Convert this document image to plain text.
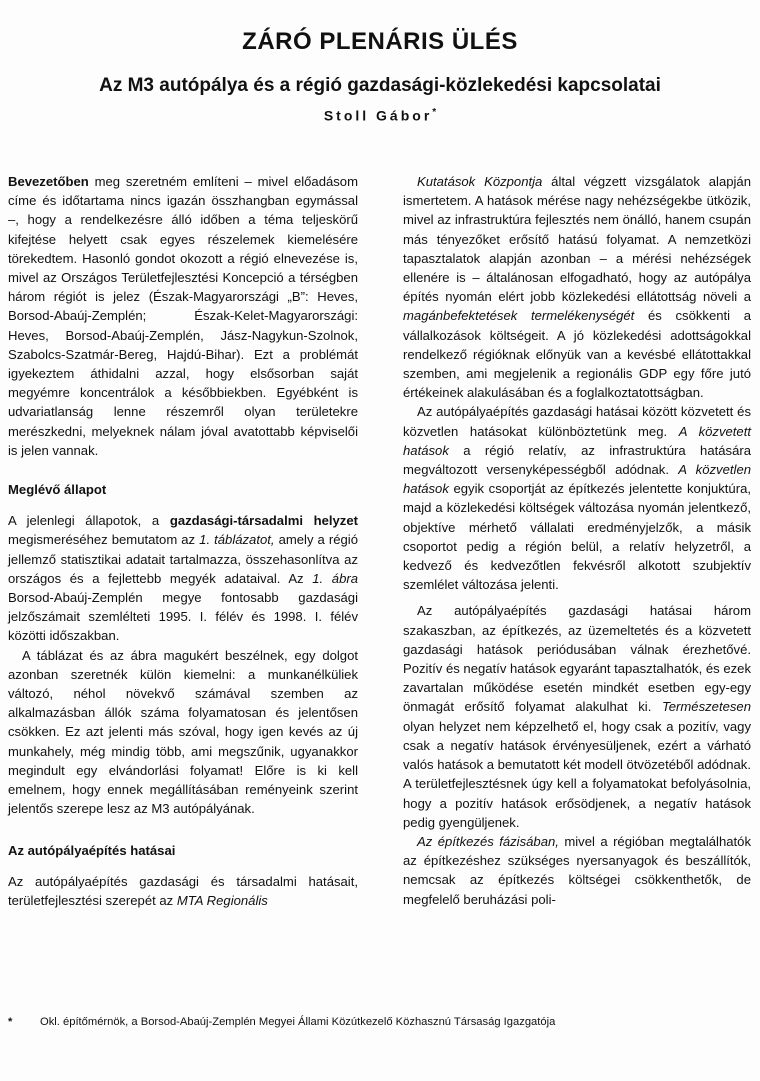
ZÁRÓ PLENÁRIS ÜLÉS
Az M3 autópálya és a régió gazdasági-közlekedési kapcsolatai
Stoll Gábor*

Bevezetőben meg szeretném említeni – mivel előadásom címe és időtartama nincs igazán összhangban egymással –, hogy a rendelkezésre álló időben a téma teljeskörű kifejtése helyett csak egyes részelemek kiemelésére törekedtem. Hasonló gondot okozott a régió elnevezése is, mivel az Országos Területfejlesztési Koncepció a térségben három régiót is jelez (Észak-Magyarországi „B”: Heves, Borsod-Abaúj-Zemplén; Észak-Kelet-Magyarországi: Heves, Borsod-Abaúj-Zemplén, Jász-Nagykun-Szolnok, Szabolcs-Szatmár-Bereg, Hajdú-Bihar). Ezt a problémát igyekeztem áthidalni azzal, hogy elsősorban saját megyémre koncentrálok a későbbiekben. Egyébként is udvariatlanság lenne részemről olyan területekre merészkedni, melyeknek nálam jóval avatottabb képviselői is jelen vannak.

Meglévő állapot

A jelenlegi állapotok, a gazdasági-társadalmi helyzet megismeréséhez bemutatom az 1. táblázatot, amely a régió jellemző statisztikai adatait tartalmazza, összehasonlítva az országos és a fejlettebb megyék adataival. Az 1. ábra Borsod-Abaúj-Zemplén megye fontosabb gazdasági jelzőszámait szemlélteti 1995. I. félév és 1998. I. félév közötti időszakban.

A táblázat és az ábra magukért beszélnek, egy dolgot azonban szeretnék külön kiemelni: a munkanélküliek változó, néhol növekvő számával szemben az alkalmazásban állók száma folyamatosan és jelentősen csökken. Ez azt jelenti más szóval, hogy igen kevés az új munkahely, még mindig több, ami megszűnik, ugyanakkor megindult egy elvándorlási folyamat! Előre is ki kell emelnem, hogy ennek megállításában reményeink szerint jelentős szerepe lesz az M3 autópályának.

Az autópályaépítés hatásai

Az autópályaépítés gazdasági és társadalmi hatásait, területfejlesztési szerepét az MTA Regionális

Kutatások Központja által végzett vizsgálatok alapján ismertetem. A hatások mérése nagy nehézségekbe ütközik, mivel az infrastruktúra fejlesztés nem önálló, hanem csupán más tényezőket erősítő hatású folyamat. A nemzetközi tapasztalatok alapján azonban – a mérési nehézségek ellenére is – általánosan elfogadható, hogy az autópálya építés nyomán elért jobb közlekedési ellátottság növeli a magánbefektetések termelékenységét és csökkenti a vállalkozások költségeit. A jó közlekedési adottságokkal rendelkező régióknak előnyük van a kevésbé ellátottakkal szemben, ami megjelenik a regionális GDP egy főre jutó értékeinek alakulásában és a foglalkoztatottságban.

Az autópályaépítés gazdasági hatásai között közvetett és közvetlen hatásokat különböztetünk meg. A közvetett hatások a régió relatív, az infrastruktúra hatására megváltozott versenyképességből adódnak. A közvetlen hatások egyik csoportját az építkezés jelentette konjuktúra, majd a közlekedési költségek változása nyomán jelentkező, objektíve mérhető vállalati eredményjelzők, a másik csoportot pedig a régión belül, a relatív helyzetről, a kedvező és kedvezőtlen fekvésről alkotott szubjektív szemlélet változása jelenti.

Az autópályaépítés gazdasági hatásai három szakaszban, az építkezés, az üzemeltetés és a közvetett gazdasági hatások periódusában válnak érezhetővé. Pozitív és negatív hatások egyaránt tapasztalhatók, és ezek zavartalan működése esetén mindkét esetben egy-egy önmagát erősítő folyamat alakulhat ki. Természetesen olyan helyzet nem képzelhető el, hogy csak a pozitív, vagy csak a negatív hatások érvényesüljenek, ezért a várható valós hatások a bemutatott két modell ötvözetéből adódnak. A területfejlesztésnek úgy kell a folyamatokat befolyásolnia, hogy a pozitív hatások erősödjenek, a negatív hatások pedig gyengüljenek.

Az építkezés fázisában, mivel a régióban megtalálhatók az építkezéshez szükséges nyersanyagok és beszállítók, nemcsak az építkezés költségei csökkenthetők, de megfelelő beruházási poli-

* Okl. építőmérnök, a Borsod-Abaúj-Zemplén Megyei Állami Közútkezelő Közhasznú Társaság Igazgatója
